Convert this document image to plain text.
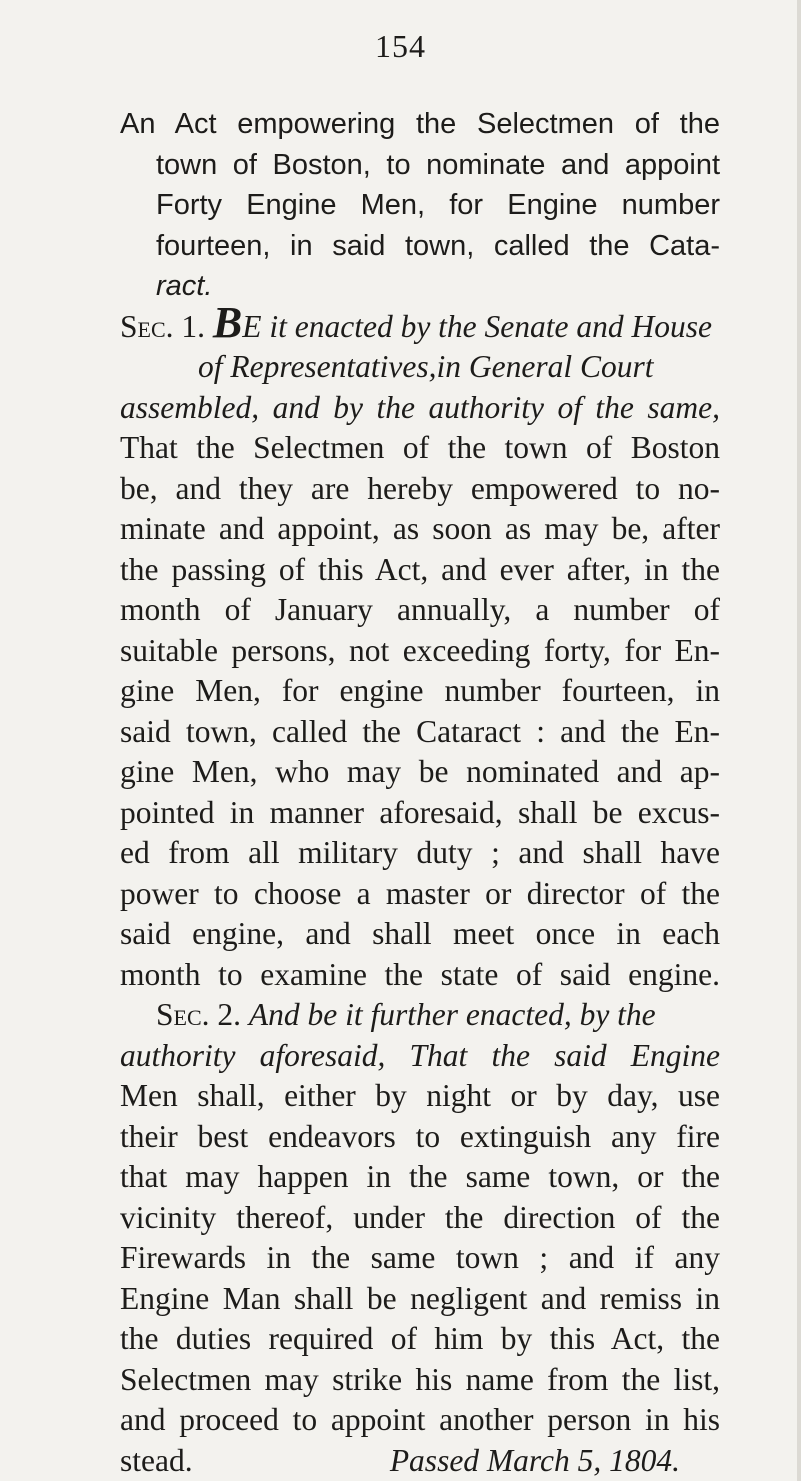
154
An Act empowering the Selectmen of the
town of Boston, to nominate and appoint
Forty Engine Men, for Engine number
fourteen, in said town, called the Cata-
ract.
Sec. 1. BE it enacted by the Senate and House
of Representatives,in General Court
assembled, and by the authority of the same,
That the Selectmen of the town of Boston
be, and they are hereby empowered to no-
minate and appoint, as soon as may be, after
the passing of this Act, and ever after, in the
month of January annually, a number of
suitable persons, not exceeding forty, for En-
gine Men, for engine number fourteen, in
said town, called the Cataract : and the En-
gine Men, who may be nominated and ap-
pointed in manner aforesaid, shall be excus-
ed from all military duty ; and shall have
power to choose a master or director of the
said engine, and shall meet once in each
month to examine the state of said engine.
Sec. 2. And be it further enacted, by the
authority aforesaid, That the said Engine
Men shall, either by night or by day, use
their best endeavors to extinguish any fire
that may happen in the same town, or the
vicinity thereof, under the direction of the
Firewards in the same town ; and if any
Engine Man shall be negligent and remiss in
the duties required of him by this Act, the
Selectmen may strike his name from the list,
and proceed to appoint another person in his
stead.	Passed March 5, 1804.
